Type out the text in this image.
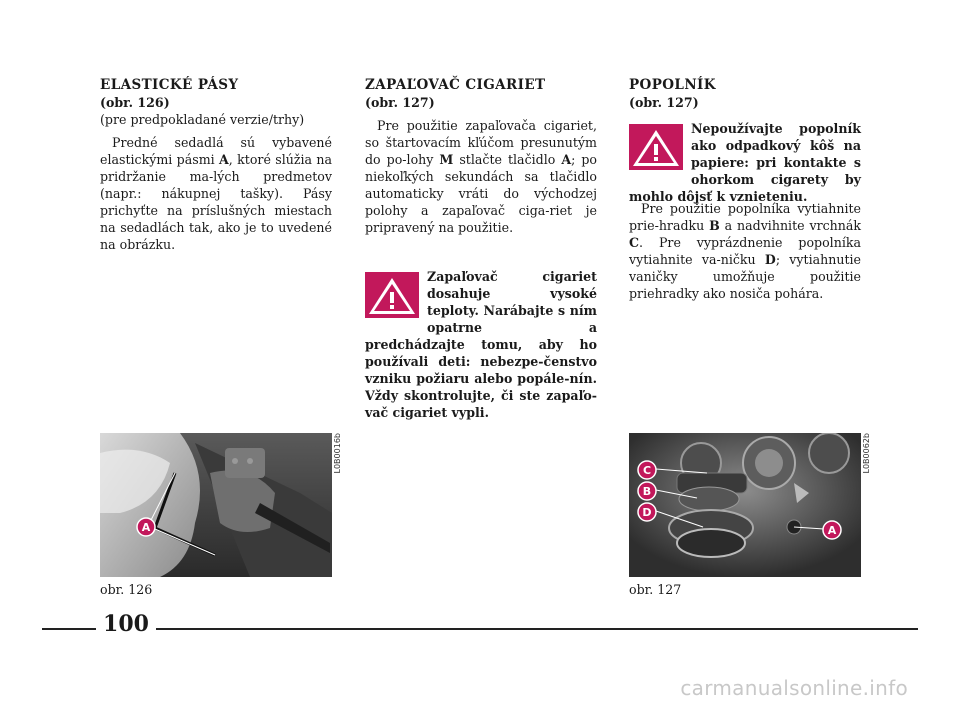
ELASTICKÉ PÁSY
(obr. 126)

(pre predpokladané verzie/trhy)

Predné sedadlá sú vybavené elastickými pásmi A, ktoré slúžia na pridržanie ma-lých predmetov (napr.: nákupnej tašky). Pásy prichyťte na príslušných miestach na sedadlách tak, ako je to uvedené na obrázku.

ZAPAĽOVAČ CIGARIET
(obr. 127)

Pre použitie zapaľovača cigariet, so štartovacím kľúčom presunutým do po-lohy M stlačte tlačidlo A; po niekoľkých sekundách sa tlačidlo automaticky vráti do východzej polohy a zapaľovač ciga-riet je pripravený na použitie.

Zapaľovač cigariet dosahuje vysoké teploty. Narábajte s ním opatrne a predchádzajte tomu, aby ho používali deti: nebezpe-čenstvo vzniku požiaru alebo popále-nín. Vždy skontrolujte, či ste zapaľo-vač cigariet vypli.
POPOLNÍK
(obr. 127)
Nepoužívajte popolník ako odpadkový kôš na papiere: pri kontakte s ohorkom cigarety by mohlo dôjsť k vznieteniu.

Pre použitie popolníka vytiahnite prie-hradku B a nadvihnite vrchnák C. Pre vyprázdnenie popolníka vytiahnite va-ničku D; vytiahnutie vaničky umožňuje použitie priehradky ako nosiča pohára.

A
L0B0016b
obr. 126
C
B
D
A
L0B0062b
obr. 127
100
carmanualsonline.info
